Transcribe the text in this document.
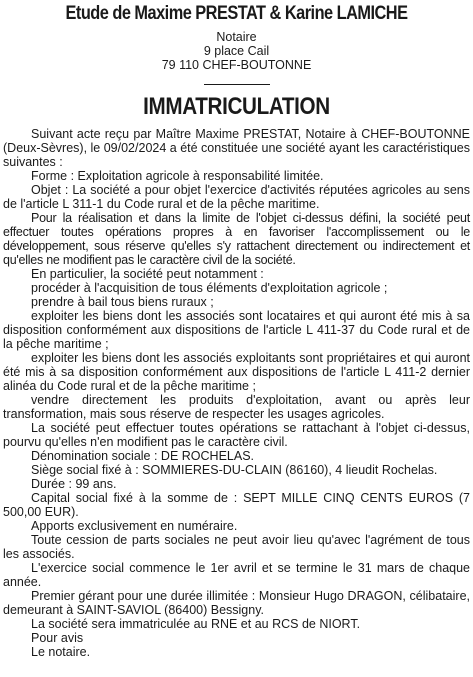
Etude de Maxime PRESTAT & Karine LAMICHE
Notaire
9 place Cail
79 110 CHEF-BOUTONNE
IMMATRICULATION

Suivant acte reçu par Maître Maxime PRESTAT, Notaire à CHEF-BOUTONNE (Deux-Sèvres), le 09/02/2024 a été constituée une société ayant les caractéristiques suivantes :

Forme : Exploitation agricole à responsabilité limitée.

Objet : La société a pour objet l'exercice d'activités réputées agricoles au sens de l'article L 311-1 du Code rural et de la pêche maritime.

Pour la réalisation et dans la limite de l'objet ci-dessus défini, la société peut effectuer toutes opérations propres à en favoriser l'accomplissement ou le développement, sous réserve qu'elles s'y rattachent directement ou indirectement et qu'elles ne modifient pas le caractère civil de la société.

En particulier, la société peut notamment :

procéder à l'acquisition de tous éléments d'exploitation agricole ;

prendre à bail tous biens ruraux ;

exploiter les biens dont les associés sont locataires et qui auront été mis à sa disposition conformément aux dispositions de l'article L 411-37 du Code rural et de la pêche maritime ;

exploiter les biens dont les associés exploitants sont propriétaires et qui auront été mis à sa disposition conformément aux dispositions de l'article L 411-2 dernier alinéa du Code rural et de la pêche maritime ;

vendre directement les produits d'exploitation, avant ou après leur transformation, mais sous réserve de respecter les usages agricoles.

La société peut effectuer toutes opérations se rattachant à l'objet ci-dessus, pourvu qu'elles n'en modifient pas le caractère civil.

Dénomination sociale : DE ROCHELAS.

Siège social fixé à : SOMMIERES-DU-CLAIN (86160), 4 lieudit Rochelas.

Durée : 99 ans.

Capital social fixé à la somme de : SEPT MILLE CINQ CENTS EUROS (7 500,00 EUR).

Apports exclusivement en numéraire.

Toute cession de parts sociales ne peut avoir lieu qu'avec l'agrément de tous les associés.

L'exercice social commence le 1er avril et se termine le 31 mars de chaque année.

Premier gérant pour une durée illimitée : Monsieur Hugo DRAGON, célibataire, demeurant à SAINT-SAVIOL (86400) Bessigny.

La société sera immatriculée au RNE et au RCS de NIORT.

Pour avis

Le notaire.
